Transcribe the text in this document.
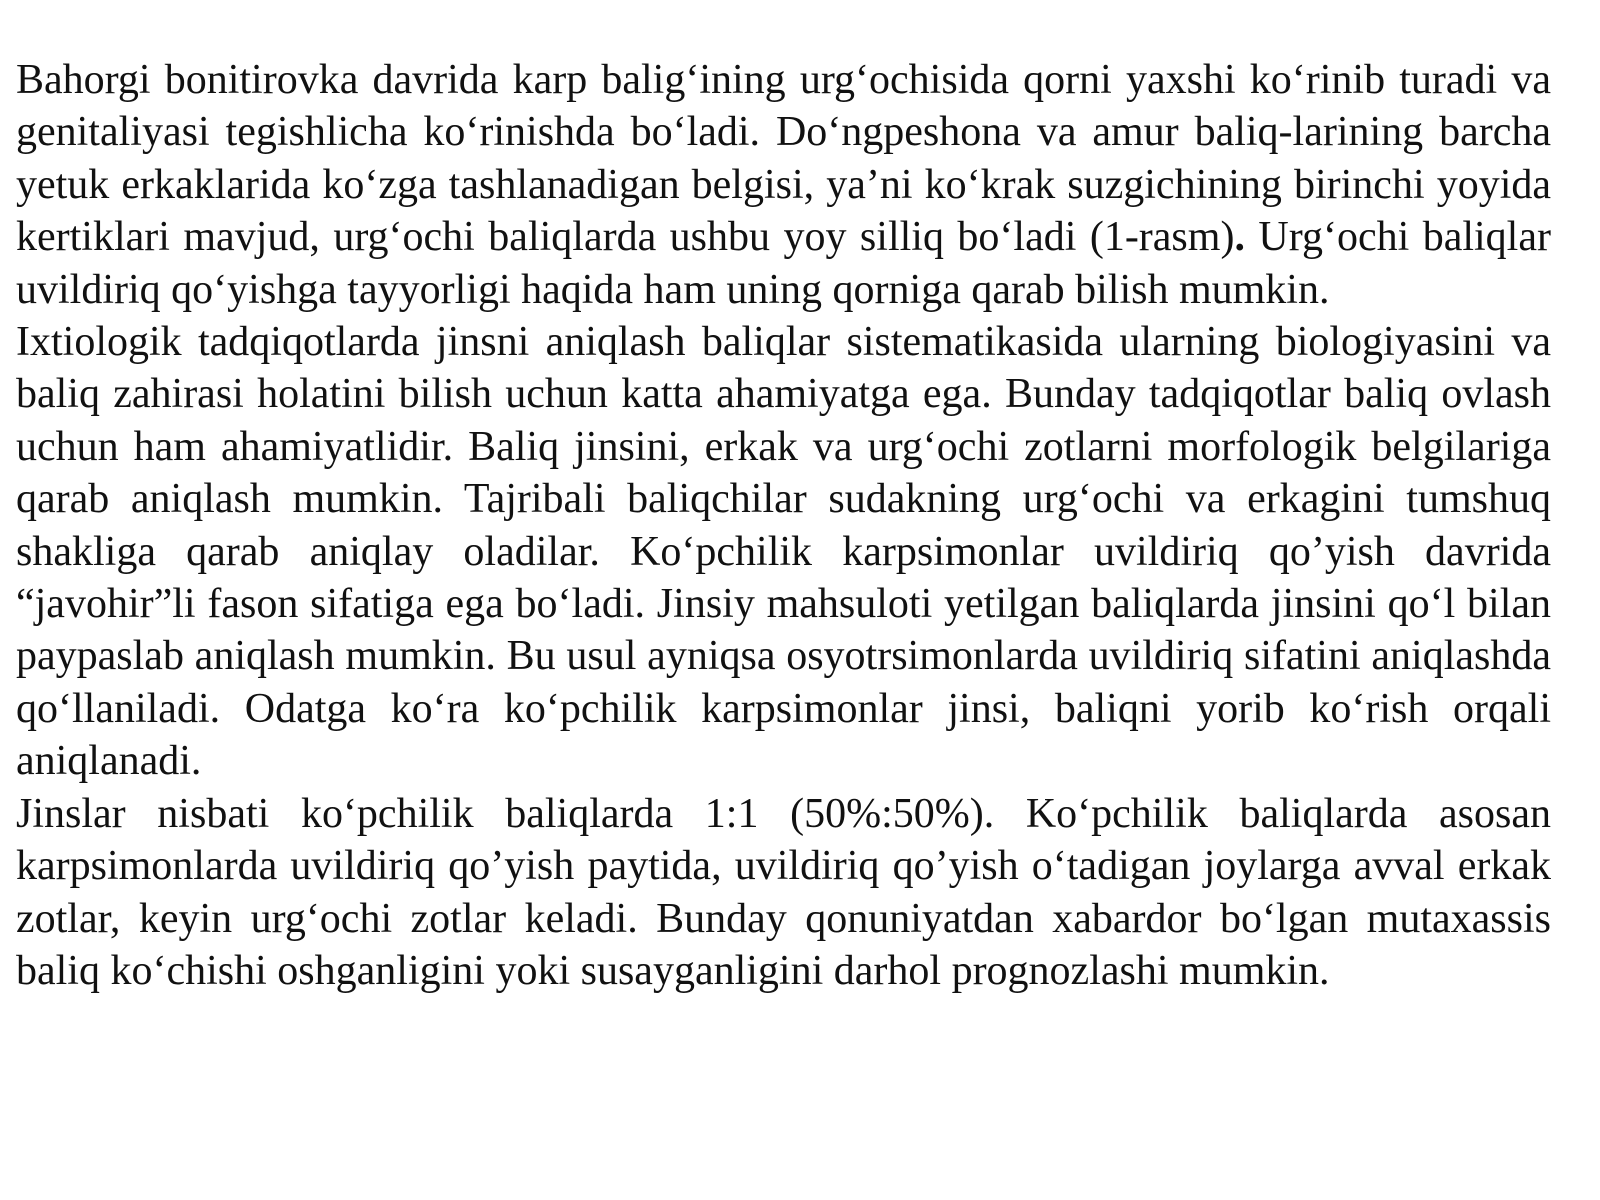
Bahorgi bonitirovka davrida karp balig‘ining urg‘ochisida qorni yaxshi ko‘rinib turadi va genitaliyasi tegishlicha ko‘rinishda bo‘ladi. Do‘ngpeshona va amur baliq-larining barcha yetuk erkaklarida ko‘zga tashlanadigan belgisi, ya’ni ko‘krak suzgichining birinchi yoyida kertiklari mavjud, urg‘ochi baliqlarda ushbu yoy silliq bo‘ladi (1-rasm). Urg‘ochi baliqlar uvildiriq qo‘yishga tayyorligi haqida ham uning qorniga qarab bilish mumkin.

Ixtiologik tadqiqotlarda jinsni aniqlash baliqlar sistematikasida ularning biologiyasini va baliq zahirasi holatini bilish uchun katta ahamiyatga ega. Bunday tadqiqotlar baliq ovlash uchun ham ahamiyatlidir. Baliq jinsini, erkak va urg‘ochi zotlarni morfologik belgilariga qarab aniqlash mumkin. Tajribali baliqchilar sudakning urg‘ochi va erkagini tumshuq shakliga qarab aniqlay oladilar. Ko‘pchilik karpsimonlar uvildiriq qo’yish davrida “javohir”li fason sifatiga ega bo‘ladi. Jinsiy mahsuloti yetilgan baliqlarda jinsini qo‘l bilan paypaslab aniqlash mumkin. Bu usul ayniqsa osyotrsimonlarda uvildiriq sifatini aniqlashda qo‘llaniladi. Odatga ko‘ra ko‘pchilik karpsimonlar jinsi, baliqni yorib ko‘rish orqali aniqlanadi.

Jinslar nisbati ko‘pchilik baliqlarda 1:1 (50%:50%). Ko‘pchilik baliqlarda asosan karpsimonlarda uvildiriq qo’yish paytida, uvildiriq qo’yish o‘tadigan joylarga avval erkak zotlar, keyin urg‘ochi zotlar keladi. Bunday qonuniyatdan xabardor bo‘lgan mutaxassis baliq ko‘chishi oshganligini yoki susayganligini darhol prognozlashi mumkin.
